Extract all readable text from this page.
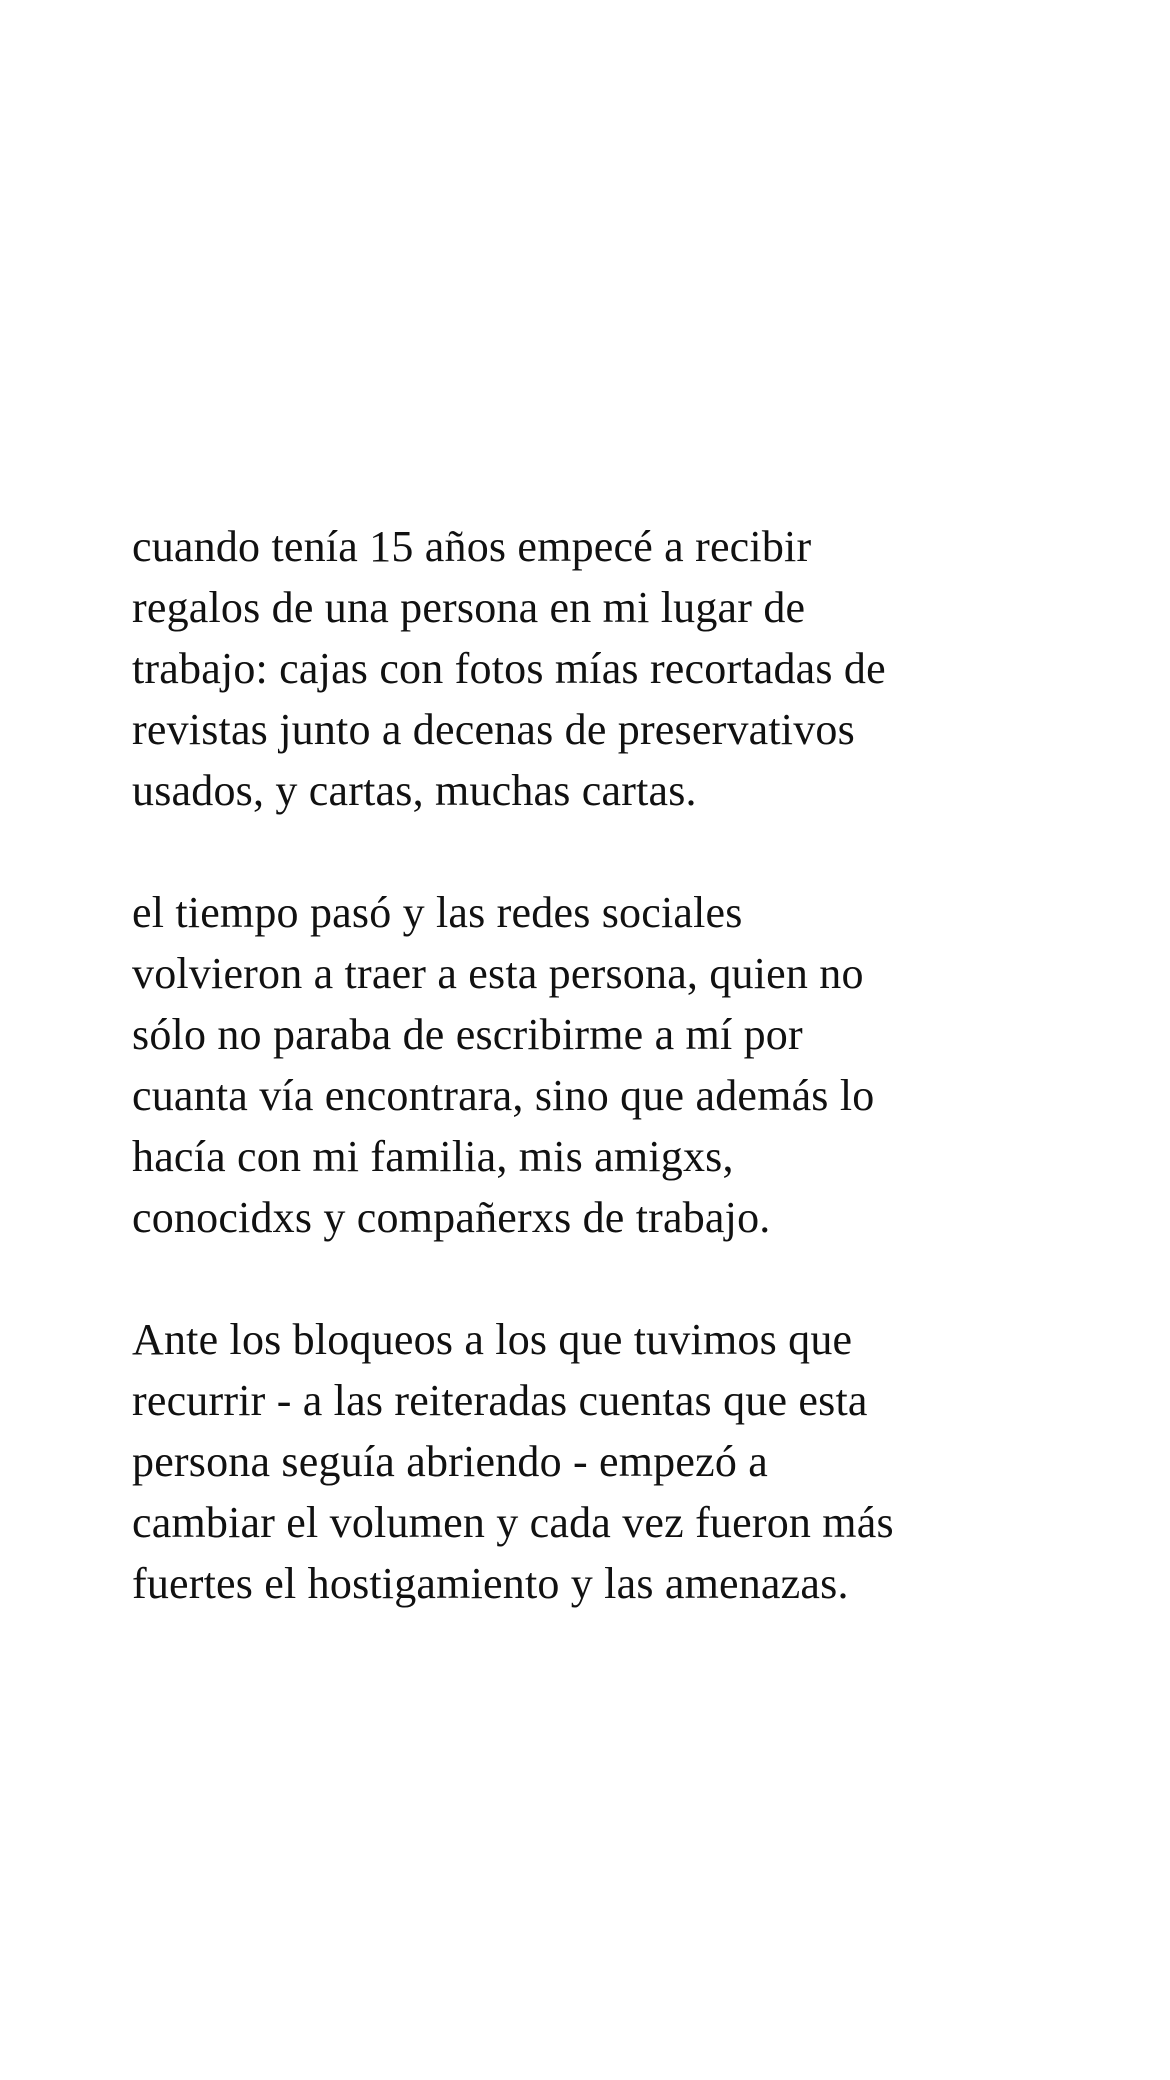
cuando tenía 15 años empecé a recibir
regalos de una persona en mi lugar de
trabajo: cajas con fotos mías recortadas de
revistas junto a decenas de preservativos
usados, y cartas, muchas cartas.

el tiempo pasó y las redes sociales
volvieron a traer a esta persona, quien no
sólo no paraba de escribirme a mí por
cuanta vía encontrara, sino que además lo
hacía con mi familia, mis amigxs,
conocidxs y compañerxs de trabajo.

Ante los bloqueos a los que tuvimos que
recurrir - a las reiteradas cuentas que esta
persona seguía abriendo - empezó a
cambiar el volumen y cada vez fueron más
fuertes el hostigamiento y las amenazas.
